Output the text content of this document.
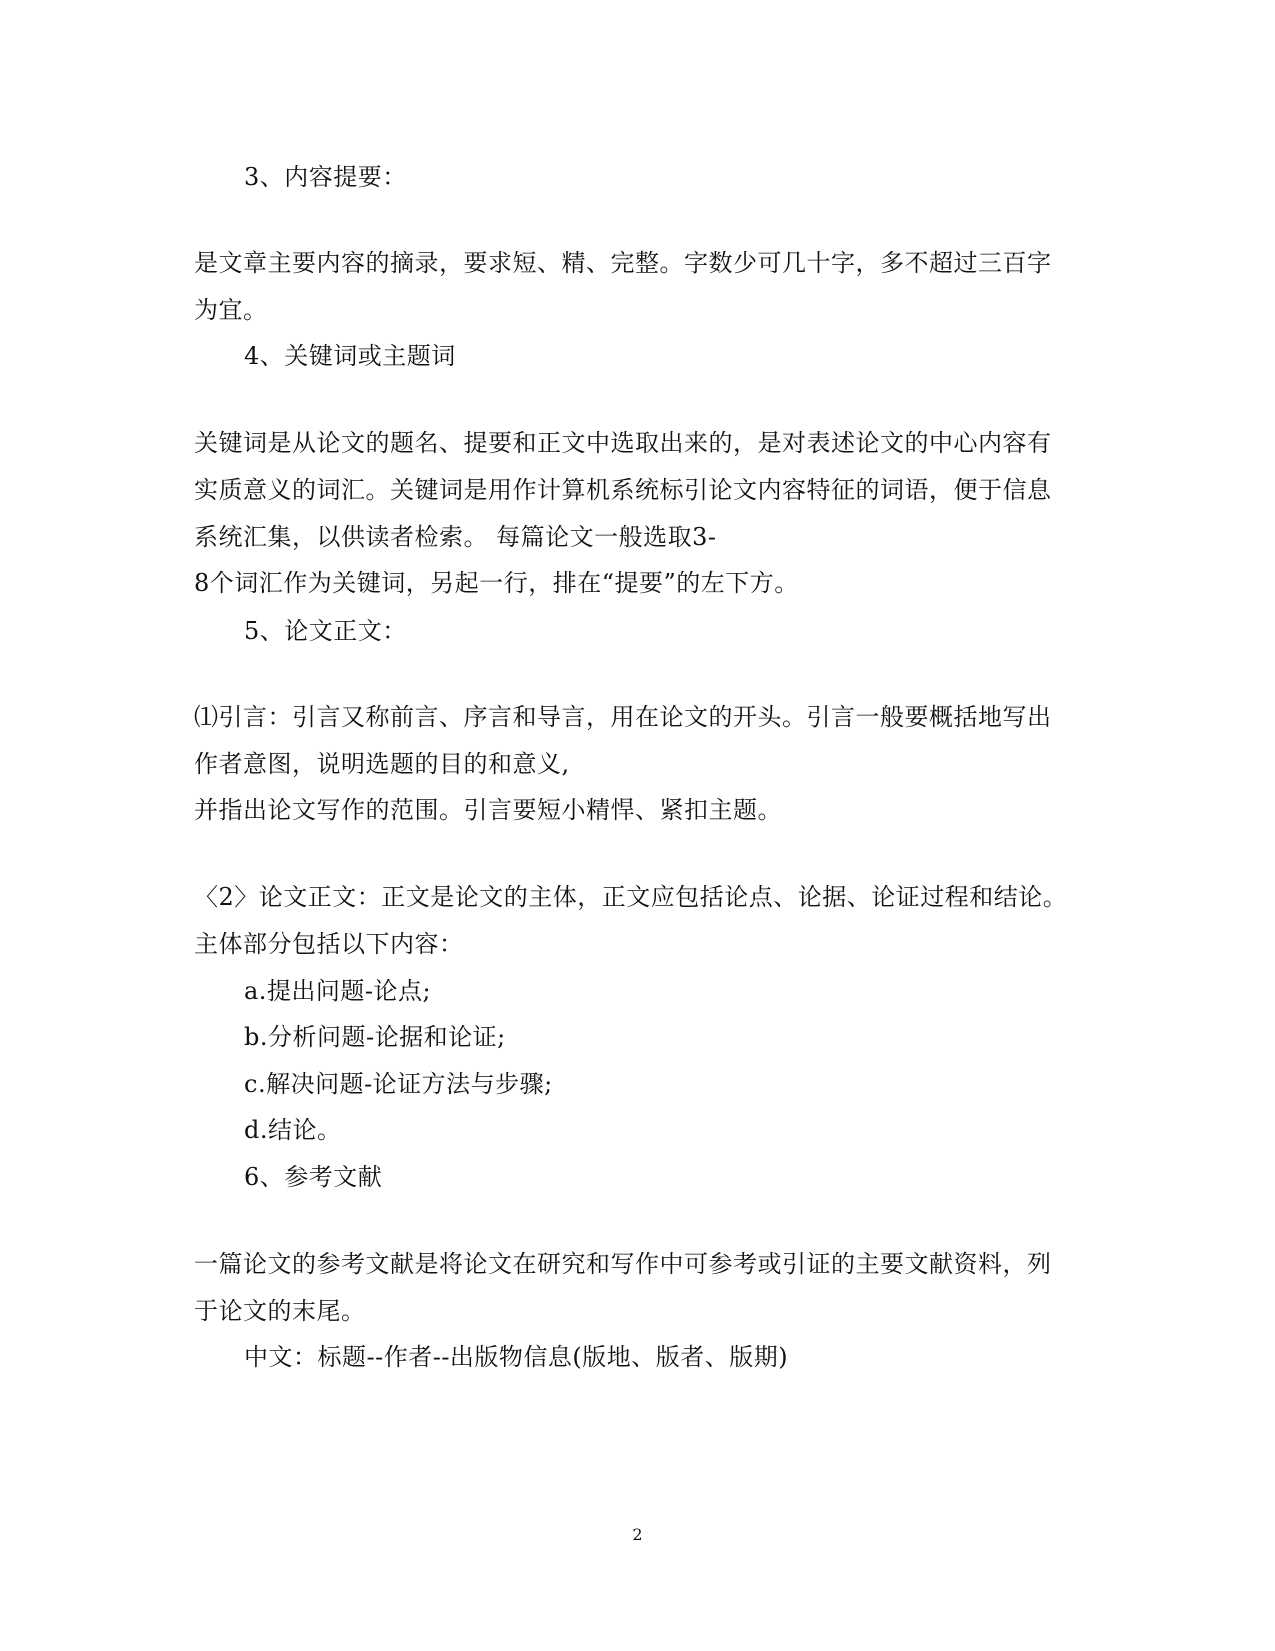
3、内容提要：
是文章主要内容的摘录，要求短、精、完整。字数少可几十字，多不超过三百字
为宜。
4、关键词或主题词
关键词是从论文的题名、提要和正文中选取出来的，是对表述论文的中心内容有
实质意义的词汇。关键词是用作计算机系统标引论文内容特征的词语，便于信息
系统汇集，以供读者检索。 每篇论文一般选取3-
8个词汇作为关键词，另起一行，排在“提要”的左下方。
5、论文正文：
⑴引言：引言又称前言、序言和导言，用在论文的开头。引言一般要概括地写出
作者意图，说明选题的目的和意义,
并指出论文写作的范围。引言要短小精悍、紧扣主题。
〈2〉论文正文：正文是论文的主体，正文应包括论点、论据、论证过程和结论。
主体部分包括以下内容：
a.提出问题-论点;
b.分析问题-论据和论证;
c.解决问题-论证方法与步骤;
d.结论。
6、参考文献
一篇论文的参考文献是将论文在研究和写作中可参考或引证的主要文献资料，列
于论文的末尾。
中文：标题--作者--出版物信息(版地、版者、版期)
2
